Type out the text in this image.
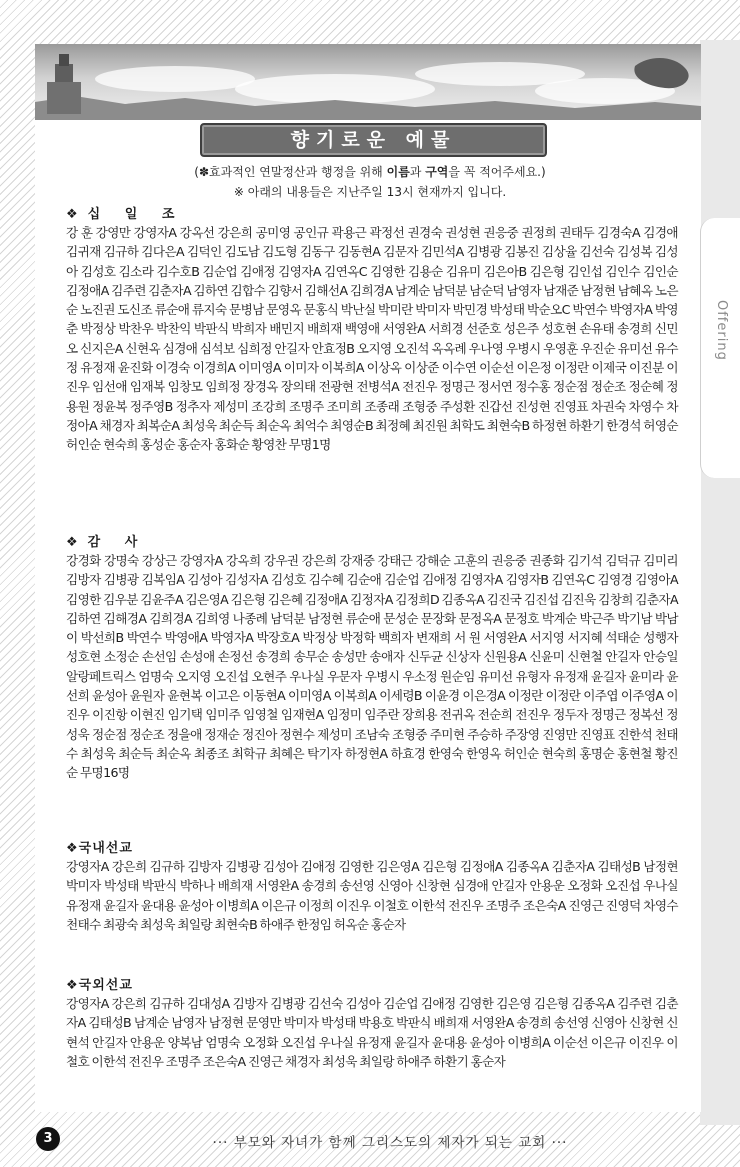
Offering
향기로운 예물
(✽효과적인 연말정산과 행정을 위해 이름과 구역을 꼭 적어주세요.)
※ 아래의 내용들은 지난주일 13시 현재까지 입니다.

❖십 일 조

강 훈 강영만 강영자A 강옥선 강은희 공미영 공인규 곽용근 곽정선 권경숙 권성현 권응중 권정희 권태두 김경숙A 김경애 김귀재 김규하 김다은A 김덕인 김도남 김도형 김동구 김동현A 김문자 김민석A 김병광 김봉진 김상율 김선숙 김성복 김성아 김성호 김소라 김수호B 김순업 김애정 김영자A 김연옥C 김영한 김용순 김유미 김은아B 김은형 김인섭 김인수 김인순 김정애A 김주련 김춘자A 김하연 김합수 김향서 김해선A 김희경A 남계순 남덕분 남순덕 남영자 남재준 남정현 남혜옥 노은순 노진권 도신조 류순애 류지숙 문병남 문영옥 문홍식 박난실 박미란 박미자 박민경 박성태 박순오C 박연수 박영자A 박영춘 박정상 박찬우 박찬익 박판식 박희자 배민지 배희재 백영애 서영완A 서희경 선준호 성은주 성호현 손유태 송경희 신민오 신지은A 신현옥 심경애 심석보 심희정 안길자 안효정B 오지영 오진석 옥옥례 우나영 우병시 우영훈 우진순 유미선 유수정 유정재 윤진화 이경숙 이경희A 이미영A 이미자 이복희A 이상옥 이상준 이수연 이순선 이은정 이정란 이제국 이진분 이진우 임선애 임재복 임창모 임희정 장경옥 장의태 전광현 전병석A 전진우 정명근 정서연 정수홍 정순점 정순조 정순혜 정용원 정윤복 정주영B 정추자 제성미 조강희 조명주 조미희 조종래 조형중 주성환 진갑선 진성현 진영표 차권숙 차영수 차정아A 채경자 최복순A 최성욱 최순득 최순옥 최억수 최영순B 최정혜 최진원 최학도 최현숙B 하정현 하환기 한경석 허영순 허인순 현숙희 홍성순 홍순자 홍화순 황영찬 무명1명

❖감 사

강경화 강명숙 강상근 강영자A 강옥희 강우권 강은희 강재중 강태근 강해순 고훈의 권응중 권종화 김기석 김덕규 김미리 김방자 김병광 김복임A 김성아 김성자A 김성호 김수혜 김순애 김순업 김애정 김영자A 김영자B 김연옥C 김영경 김영아A 김영한 김우분 김윤주A 김은영A 김은형 김은혜 김정애A 김정자A 김정희D 김종옥A 김진국 김진섭 김진욱 김창희 김춘자A 김하연 김해경A 김희경A 김희영 나종례 남덕분 남정현 류순애 문성순 문장화 문정옥A 문정호 박계순 박근주 박기남 박남이 박선희B 박연수 박영애A 박영자A 박장호A 박정상 박정학 백희자 변재희 서 원 서영완A 서지영 서지혜 석태순 성행자 성호현 소정순 손선임 손성애 손정선 송경희 송무순 송성만 송애자 신두균 신상자 신원용A 신윤미 신현철 안길자 안승일 알랑페트릭스 엄명숙 오지영 오진섭 오현주 우나실 우문자 우병시 우소정 원순임 유미선 유형자 유정재 윤길자 윤미라 윤선희 윤성아 윤원자 윤현복 이고은 이동현A 이미영A 이복희A 이세령B 이윤경 이은경A 이정란 이정란 이주엽 이주영A 이진우 이진항 이현진 임기택 임미주 임영철 임재현A 임정미 임주란 장희용 전귀옥 전순희 전진우 정두자 정명근 정복선 정성욱 정순점 정순조 정을애 정재순 정진아 정현수 제성미 조남숙 조형중 주미현 주승하 주장영 진영만 진영표 진한석 천태수 최성욱 최순득 최순옥 최종조 최학규 최혜은 탁기자 하정현A 하효경 한영숙 한영옥 허인순 현숙희 홍명순 홍현철 황진순 무명16명

❖국내선교

강영자A 강은희 김규하 김방자 김병광 김성아 김애정 김영한 김은영A 김은형 김정애A 김종옥A 김춘자A 김태성B 남정현 박미자 박성태 박판식 박하나 배희재 서영완A 송경희 송선영 신영아 신창현 심경애 안길자 안용운 오정화 오진섭 우나실 유정재 윤길자 윤대용 윤성아 이병희A 이은규 이정희 이진우 이철호 이한석 전진우 조명주 조은숙A 진영근 진영덕 차영수 천태수 최광숙 최성욱 최일랑 최현숙B 하애주 한정임 허옥순 홍순자

❖국외선교

강영자A 강은희 김규하 김대성A 김방자 김병광 김선숙 김성아 김순업 김애정 김영한 김은영 김은형 김종옥A 김주련 김춘자A 김태성B 남계순 남영자 남정현 문영만 박미자 박성태 박용호 박판식 배희재 서영완A 송경희 송선영 신영아 신창현 신현석 안길자 안용운 양복남 엄명숙 오정화 오진섭 우나실 유정재 윤길자 윤대용 윤성아 이병희A 이순선 이은규 이진우 이철호 이한석 전진우 조명주 조은숙A 진영근 채경자 최성욱 최일랑 하애주 하환기 홍순자

3	··· 부모와 자녀가 함께 그리스도의 제자가 되는 교회 ···
